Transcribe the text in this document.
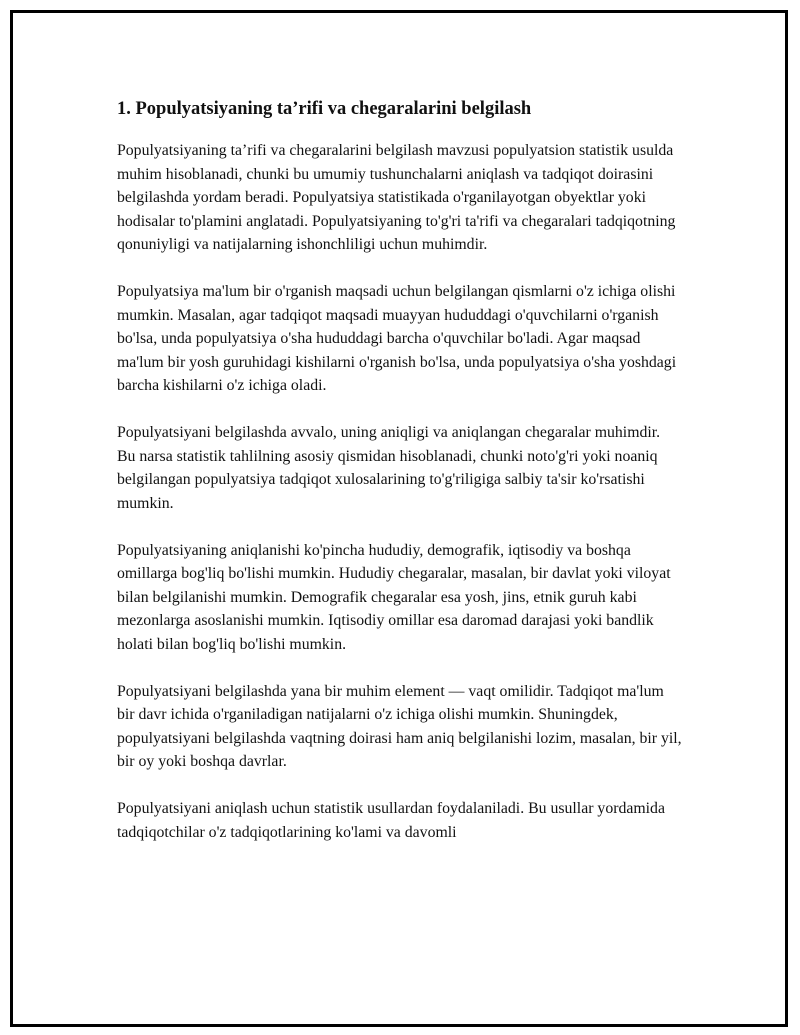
1. Populyatsiyaning ta’rifi va chegaralarini belgilash

Populyatsiyaning ta’rifi va chegaralarini belgilash mavzusi populyatsion statistik usulda muhim hisoblanadi, chunki bu umumiy tushunchalarni aniqlash va tadqiqot doirasini belgilashda yordam beradi. Populyatsiya statistikada o'rganilayotgan obyektlar yoki hodisalar to'plamini anglatadi. Populyatsiyaning to'g'ri ta'rifi va chegaralari tadqiqotning qonuniyligi va natijalarning ishonchliligi uchun muhimdir.

Populyatsiya ma'lum bir o'rganish maqsadi uchun belgilangan qismlarni o'z ichiga olishi mumkin. Masalan, agar tadqiqot maqsadi muayyan hududdagi o'quvchilarni o'rganish bo'lsa, unda populyatsiya o'sha hududdagi barcha o'quvchilar bo'ladi. Agar maqsad ma'lum bir yosh guruhidagi kishilarni o'rganish bo'lsa, unda populyatsiya o'sha yoshdagi barcha kishilarni o'z ichiga oladi.

Populyatsiyani belgilashda avvalo, uning aniqligi va aniqlangan chegaralar muhimdir. Bu narsa statistik tahlilning asosiy qismidan hisoblanadi, chunki noto'g'ri yoki noaniq belgilangan populyatsiya tadqiqot xulosalarining to'g'riligiga salbiy ta'sir ko'rsatishi mumkin.

Populyatsiyaning aniqlanishi ko'pincha hududiy, demografik, iqtisodiy va boshqa omillarga bog'liq bo'lishi mumkin. Hududiy chegaralar, masalan, bir davlat yoki viloyat bilan belgilanishi mumkin. Demografik chegaralar esa yosh, jins, etnik guruh kabi mezonlarga asoslanishi mumkin. Iqtisodiy omillar esa daromad darajasi yoki bandlik holati bilan bog'liq bo'lishi mumkin.

Populyatsiyani belgilashda yana bir muhim element — vaqt omilidir. Tadqiqot ma'lum bir davr ichida o'rganiladigan natijalarni o'z ichiga olishi mumkin. Shuningdek, populyatsiyani belgilashda vaqtning doirasi ham aniq belgilanishi lozim, masalan, bir yil, bir oy yoki boshqa davrlar.

Populyatsiyani aniqlash uchun statistik usullardan foydalaniladi. Bu usullar yordamida tadqiqotchilar o'z tadqiqotlarining ko'lami va davomli
